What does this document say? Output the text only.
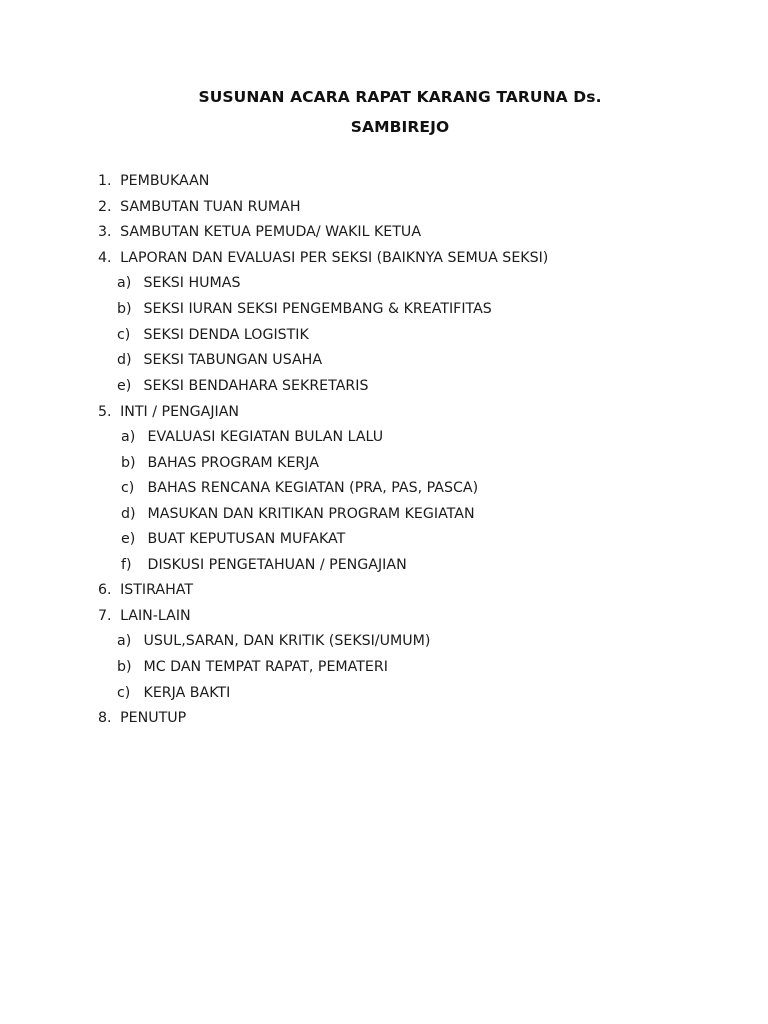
SUSUNAN ACARA RAPAT KARANG TARUNA Ds.
SAMBIREJO
1. PEMBUKAAN
2. SAMBUTAN TUAN RUMAH
3. SAMBUTAN KETUA PEMUDA/ WAKIL KETUA
4. LAPORAN DAN EVALUASI PER SEKSI (BAIKNYA SEMUA SEKSI)
a) SEKSI HUMAS
b) SEKSI IURAN SEKSI PENGEMBANG & KREATIFITAS
c) SEKSI DENDA LOGISTIK
d) SEKSI TABUNGAN USAHA
e) SEKSI BENDAHARA SEKRETARIS
5. INTI / PENGAJIAN
a) EVALUASI KEGIATAN BULAN LALU
b) BAHAS PROGRAM KERJA
c) BAHAS RENCANA KEGIATAN (PRA, PAS, PASCA)
d) MASUKAN DAN KRITIKAN PROGRAM KEGIATAN
e) BUAT KEPUTUSAN MUFAKAT
f) DISKUSI PENGETAHUAN / PENGAJIAN
6. ISTIRAHAT
7. LAIN-LAIN
a) USUL,SARAN, DAN KRITIK (SEKSI/UMUM)
b) MC DAN TEMPAT RAPAT, PEMATERI
c) KERJA BAKTI
8. PENUTUP
